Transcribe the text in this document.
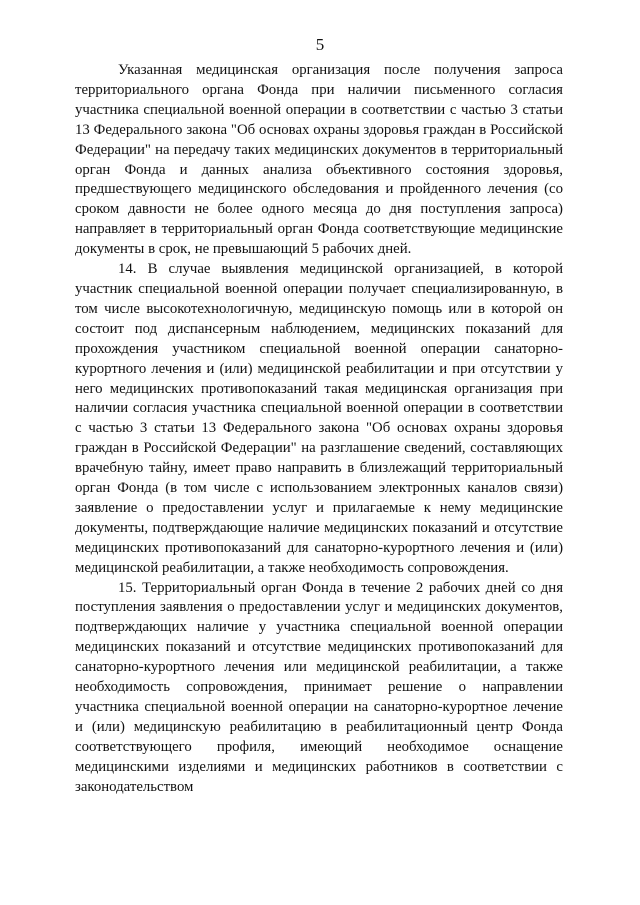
5

Указанная медицинская организация после получения запроса территориального органа Фонда при наличии письменного согласия участника специальной военной операции в соответствии с частью 3 статьи 13 Федерального закона "Об основах охраны здоровья граждан в Российской Федерации" на передачу таких медицинских документов в территориальный орган Фонда и данных анализа объективного состояния здоровья, предшествующего медицинского обследования и пройденного лечения (со сроком давности не более одного месяца до дня поступления запроса) направляет в территориальный орган Фонда соответствующие медицинские документы в срок, не превышающий 5 рабочих дней.

14. В случае выявления медицинской организацией, в которой участник специальной военной операции получает специализированную, в том числе высокотехнологичную, медицинскую помощь или в которой он состоит под диспансерным наблюдением, медицинских показаний для прохождения участником специальной военной операции санаторно-курортного лечения и (или) медицинской реабилитации и при отсутствии у него медицинских противопоказаний такая медицинская организация при наличии согласия участника специальной военной операции в соответствии с частью 3 статьи 13 Федерального закона "Об основах охраны здоровья граждан в Российской Федерации" на разглашение сведений, составляющих врачебную тайну, имеет право направить в близлежащий территориальный орган Фонда (в том числе с использованием электронных каналов связи) заявление о предоставлении услуг и прилагаемые к нему медицинские документы, подтверждающие наличие медицинских показаний и отсутствие медицинских противопоказаний для санаторно-курортного лечения и (или) медицинской реабилитации, а также необходимость сопровождения.

15. Территориальный орган Фонда в течение 2 рабочих дней со дня поступления заявления о предоставлении услуг и медицинских документов, подтверждающих наличие у участника специальной военной операции медицинских показаний и отсутствие медицинских противопоказаний для санаторно-курортного лечения или медицинской реабилитации, а также необходимость сопровождения, принимает решение о направлении участника специальной военной операции на санаторно-курортное лечение и (или) медицинскую реабилитацию в реабилитационный центр Фонда соответствующего профиля, имеющий необходимое оснащение медицинскими изделиями и медицинских работников в соответствии с законодательством
